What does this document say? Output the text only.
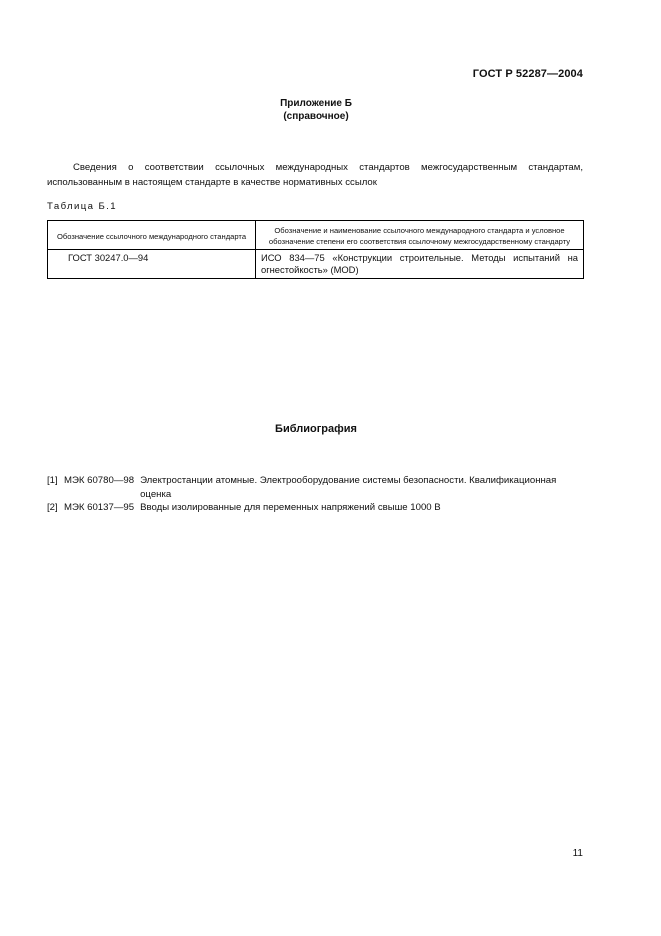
ГОСТ Р 52287—2004
Приложение Б
(справочное)

Сведения о соответствии ссылочных международных стандартов межгосударственным стандартам, использованным в настоящем стандарте в качестве нормативных ссылок

Таблица Б.1
Обозначение ссылочного международного стандарта	Обозначение и наименование ссылочного международного стандарта и условное обозначение степени его соответствия ссылочному межгосударственному стандарту
ГОСТ 30247.0—94	ИСО 834—75 «Конструкции строительные. Методы испытаний на огнестойкость» (MOD)
Библиография
[1] МЭК 60780—98 Электростанции атомные. Электрооборудование системы безопасности. Квалификационная оценка
[2] МЭК 60137—95 Вводы изолированные для переменных напряжений свыше 1000 В
11
